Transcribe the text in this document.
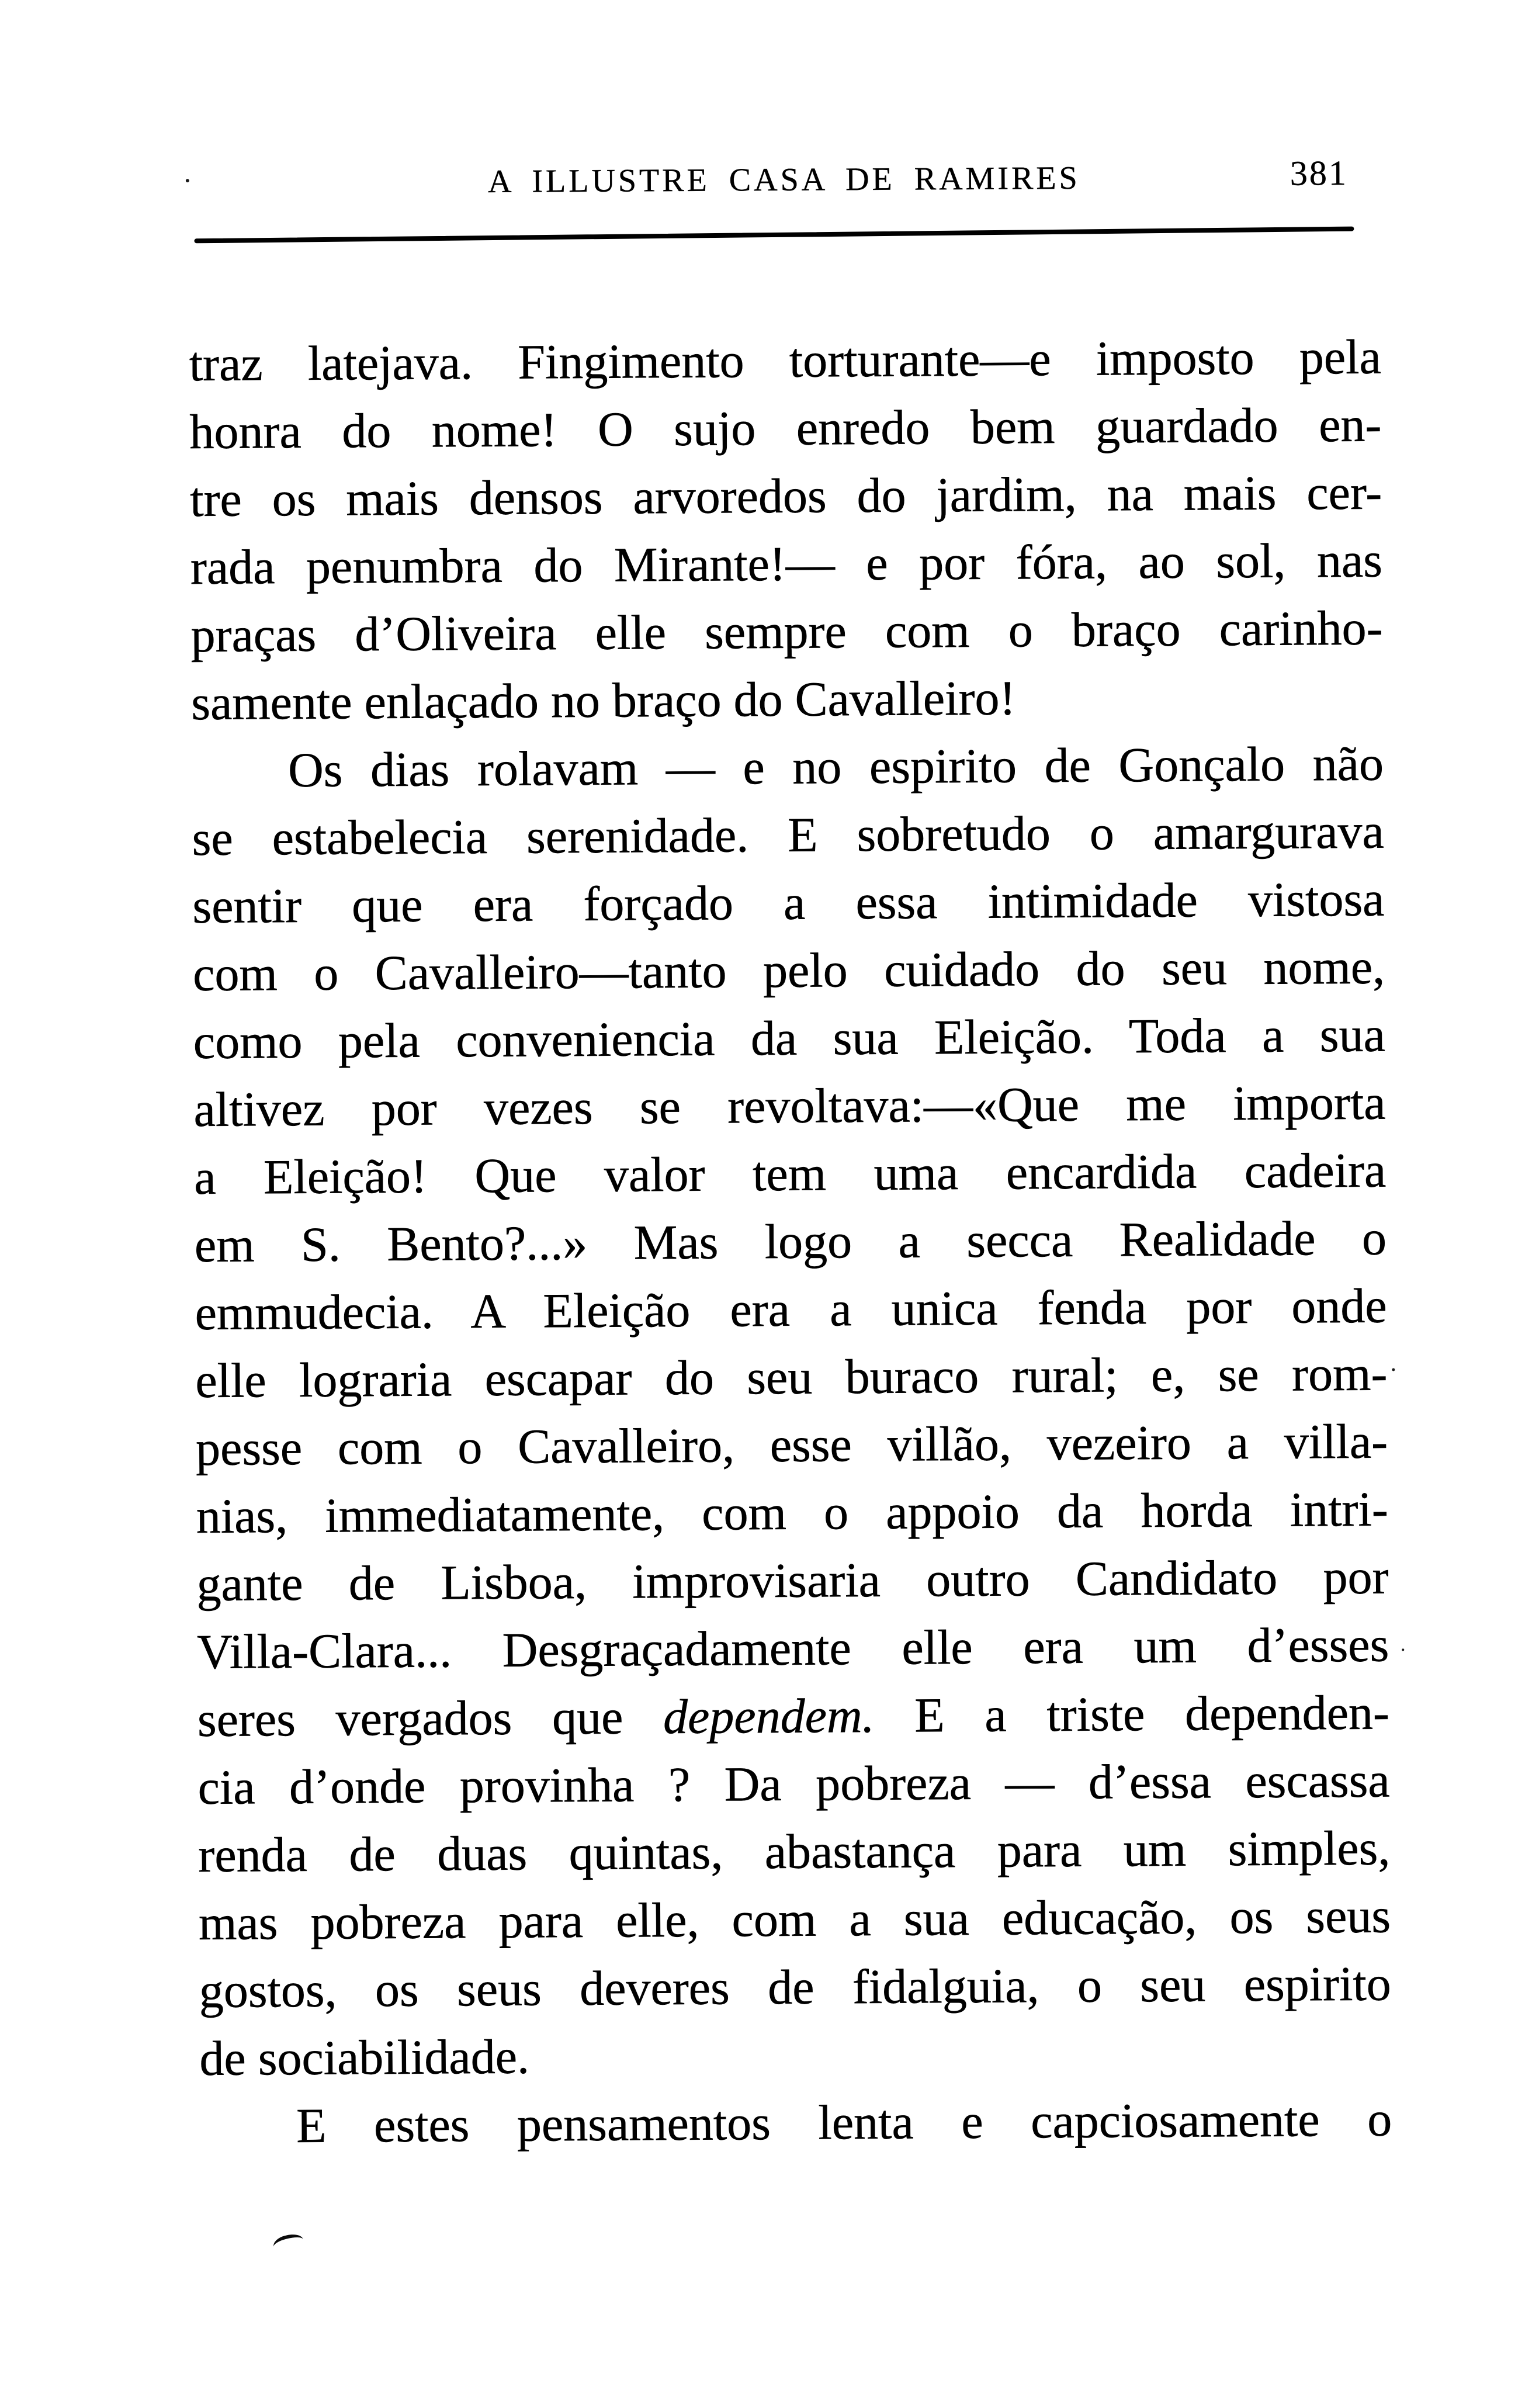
A ILLUSTRE CASA DE RAMIRES	381
traz latejava. Fingimento torturante—e imposto pela
honra do nome! O sujo enredo bem guardado en-
tre os mais densos arvoredos do jardim, na mais cer-
rada penumbra do Mirante!— e por fóra, ao sol, nas
praças d’Oliveira elle sempre com o braço carinho-
samente enlaçado no braço do Cavalleiro!
Os dias rolavam — e no espirito de Gonçalo não
se estabelecia serenidade. E sobretudo o amargurava
sentir que era forçado a essa intimidade vistosa
com o Cavalleiro—tanto pelo cuidado do seu nome,
como pela conveniencia da sua Eleição. Toda a sua
altivez por vezes se revoltava:—«Que me importa
a Eleição! Que valor tem uma encardida cadeira
em S. Bento?...» Mas logo a secca Realidade o
emmudecia. A Eleição era a unica fenda por onde
elle lograria escapar do seu buraco rural; e, se rom-
pesse com o Cavalleiro, esse villão, vezeiro a villa-
nias, immediatamente, com o appoio da horda intri-
gante de Lisboa, improvisaria outro Candidato por
Villa-Clara... Desgraçadamente elle era um d’esses
seres vergados que dependem. E a triste dependen-
cia d’onde provinha ? Da pobreza — d’essa escassa
renda de duas quintas, abastança para um simples,
mas pobreza para elle, com a sua educação, os seus
gostos, os seus deveres de fidalguia, o seu espirito
de sociabilidade.
E estes pensamentos lenta e capciosamente o
